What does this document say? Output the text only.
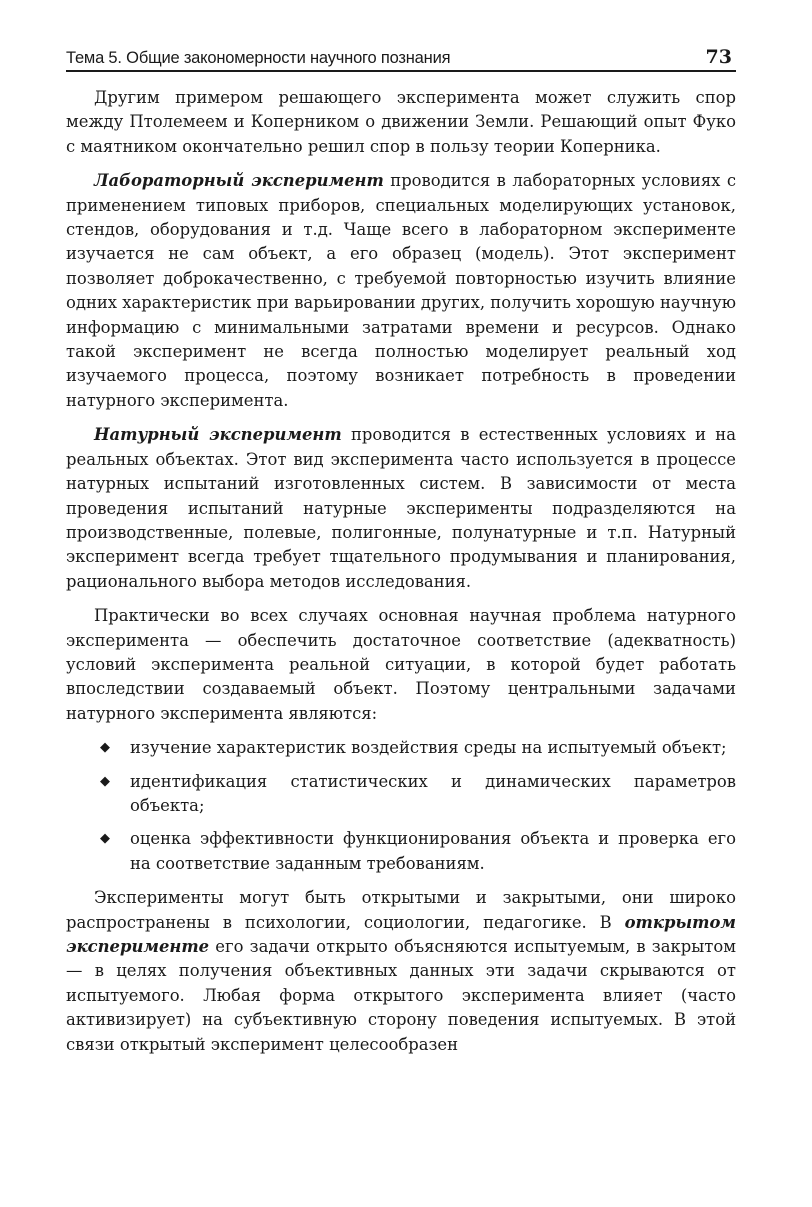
Тема 5. Общие закономерности научного познания	73

Другим примером решающего эксперимента может служить спор между Птолемеем и Коперником о движении Земли. Решающий опыт Фуко с маятником окончательно решил спор в пользу теории Коперника.

Лабораторный эксперимент проводится в лабораторных условиях с применением типовых приборов, специальных моделирующих установок, стендов, оборудования и т.д. Чаще всего в лабораторном эксперименте изучается не сам объект, а его образец (модель). Этот эксперимент позволяет доброкачественно, с требуемой повторностью изучить влияние одних характеристик при варьировании других, получить хорошую научную информацию с минимальными затратами времени и ресурсов. Однако такой эксперимент не всегда полностью моделирует реальный ход изучаемого процесса, поэтому возникает потребность в проведении натурного эксперимента.

Натурный эксперимент проводится в естественных условиях и на реальных объектах. Этот вид эксперимента часто используется в процессе натурных испытаний изготовленных систем. В зависимости от места проведения испытаний натурные эксперименты подразделяются на производственные, полевые, полигонные, полунатурные и т.п. Натурный эксперимент всегда требует тщательного продумывания и планирования, рационального выбора методов исследования.

Практически во всех случаях основная научная проблема натурного эксперимента — обеспечить достаточное соответствие (адекватность) условий эксперимента реальной ситуации, в которой будет работать впоследствии создаваемый объект. Поэтому центральными задачами натурного эксперимента являются:

◆ изучение характеристик воздействия среды на испытуемый объект;
◆ идентификация статистических и динамических параметров объекта;
◆ оценка эффективности функционирования объекта и проверка его на соответствие заданным требованиям.

Эксперименты могут быть открытыми и закрытыми, они широко распространены в психологии, социологии, педагогике. В открытом эксперименте его задачи открыто объясняются испытуемым, в закрытом — в целях получения объективных данных эти задачи скрываются от испытуемого. Любая форма открытого эксперимента влияет (часто активизирует) на субъективную сторону поведения испытуемых. В этой связи открытый эксперимент целесообразен
